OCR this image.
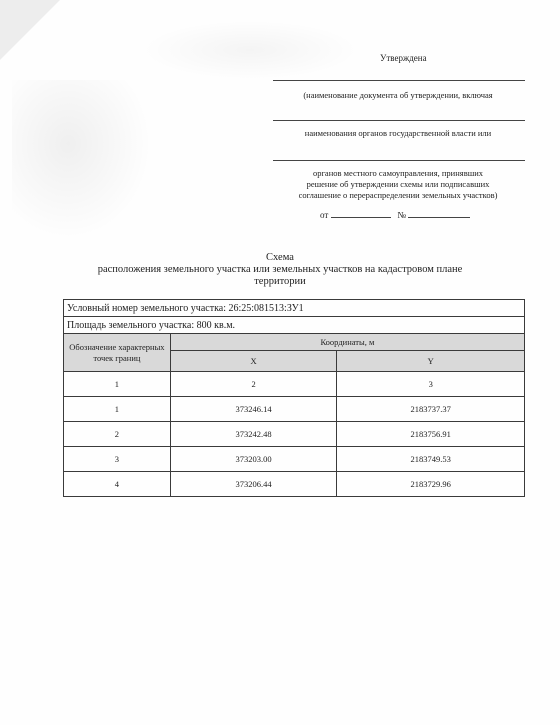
Утверждена
(наименование документа об утверждении, включая
наименования органов государственной власти или
органов местного самоуправления, принявших
решение об утверждении схемы или подписавших
соглашение о перераспределении земельных участков)
от	№
Схема
расположения земельного участка или земельных участков на кадастровом плане
территории
Условный номер земельного участка: 26:25:081513:ЗУ1		
Площадь земельного участка: 800 кв.м.		
Обозначение характерных точек границ	Координаты, м	
	X	Y
1	2	3
1	373246.14	2183737.37
2	373242.48	2183756.91
3	373203.00	2183749.53
4	373206.44	2183729.96
